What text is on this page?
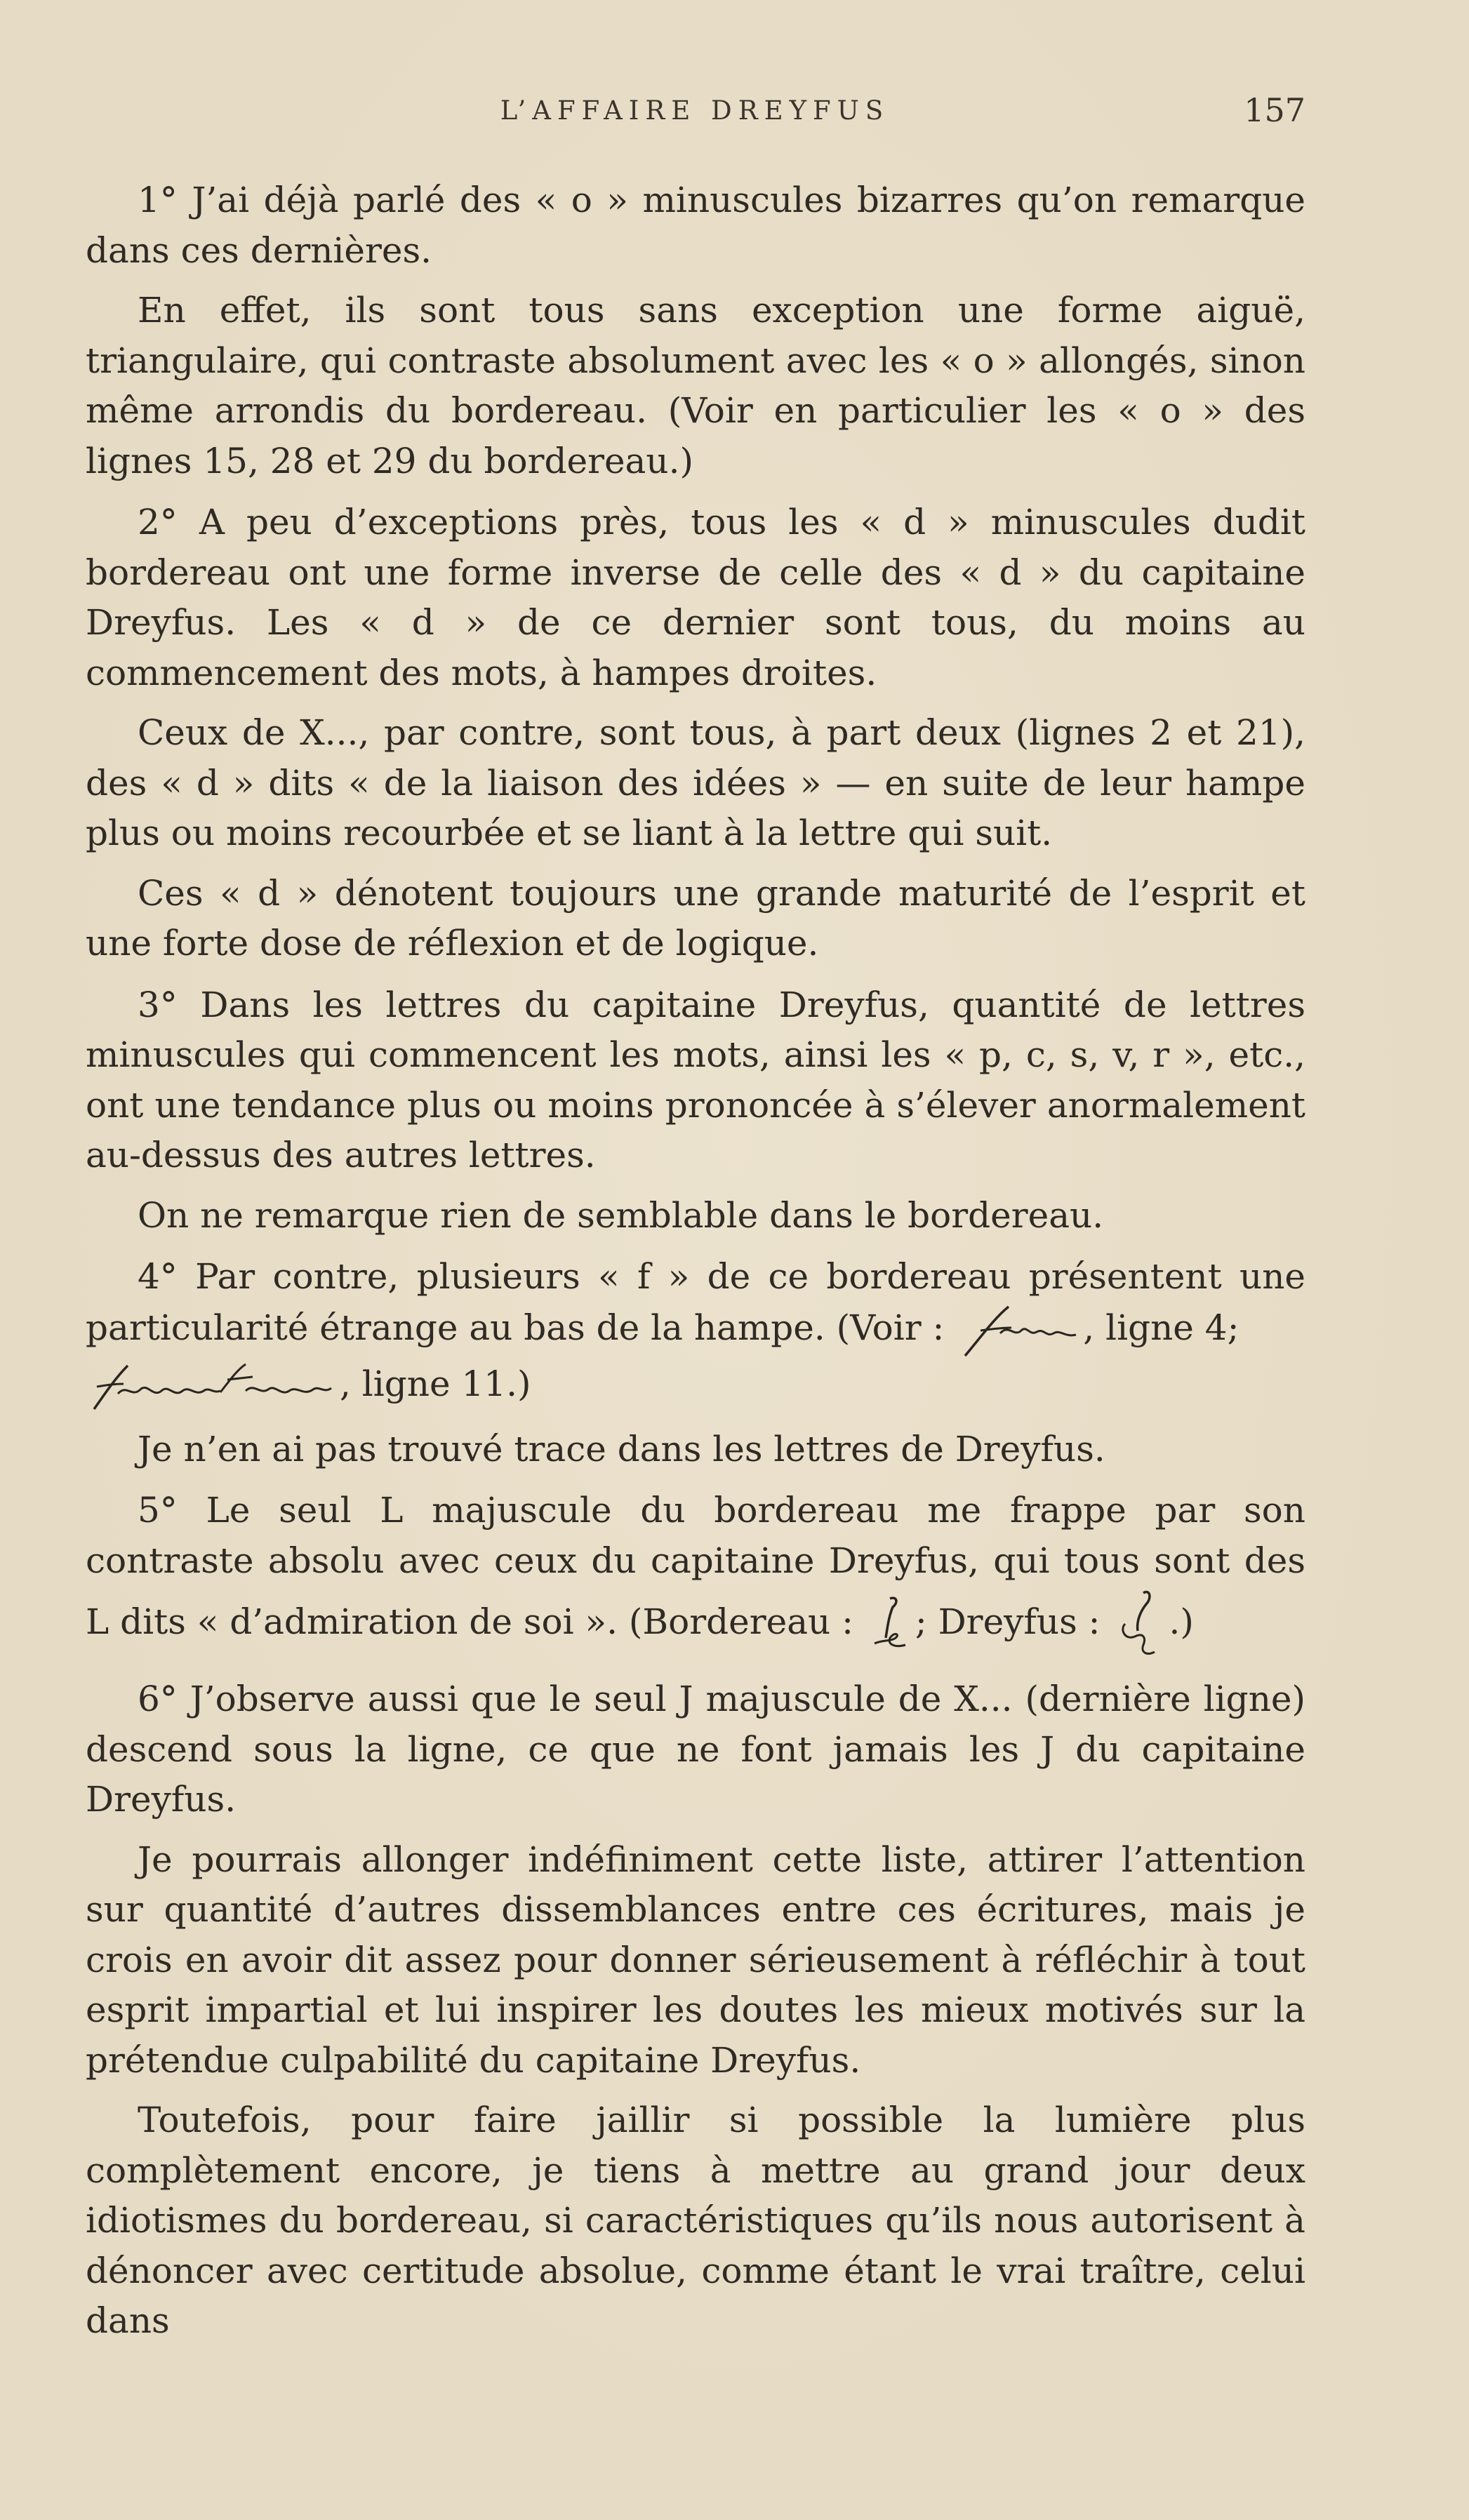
L’AFFAIRE DREYFUS	157

1° J’ai déjà parlé des « o » minuscules bizarres qu’on remarque dans ces dernières.

En effet, ils sont tous sans exception une forme aiguë, triangulaire, qui contraste absolument avec les « o » allongés, sinon même arrondis du bordereau. (Voir en particulier les « o » des lignes 15, 28 et 29 du bordereau.)

2° A peu d’exceptions près, tous les « d » minuscules dudit bordereau ont une forme inverse de celle des « d » du capitaine Dreyfus. Les « d » de ce dernier sont tous, du moins au commencement des mots, à hampes droites.

Ceux de X..., par contre, sont tous, à part deux (lignes 2 et 21), des « d » dits « de la liaison des idées » — en suite de leur hampe plus ou moins recourbée et se liant à la lettre qui suit.

Ces « d » dénotent toujours une grande maturité de l’esprit et une forte dose de réflexion et de logique.

3° Dans les lettres du capitaine Dreyfus, quantité de lettres minuscules qui commencent les mots, ainsi les « p, c, s, v, r », etc., ont une tendance plus ou moins prononcée à s’élever anormalement au-dessus des autres lettres.

On ne remarque rien de semblable dans le bordereau.

4° Par contre, plusieurs « f » de ce bordereau présentent une particularité étrange au bas de la hampe. (Voir :	, ligne 4;

, ligne 11.)

Je n’en ai pas trouvé trace dans les lettres de Dreyfus.

5° Le seul L majuscule du bordereau me frappe par son contraste absolu avec ceux du capitaine Dreyfus, qui tous sont des L dits « d’admiration de soi ». (Bordereau : ; Dreyfus : .)

6° J’observe aussi que le seul J majuscule de X... (dernière ligne) descend sous la ligne, ce que ne font jamais les J du capitaine Dreyfus.

Je pourrais allonger indéfiniment cette liste, attirer l’attention sur quantité d’autres dissemblances entre ces écritures, mais je crois en avoir dit assez pour donner sérieusement à réfléchir à tout esprit impartial et lui inspirer les doutes les mieux motivés sur la prétendue culpabilité du capitaine Dreyfus.

Toutefois, pour faire jaillir si possible la lumière plus complètement encore, je tiens à mettre au grand jour deux idiotismes du bordereau, si caractéristiques qu’ils nous autorisent à dénoncer avec certitude absolue, comme étant le vrai traître, celui dans
